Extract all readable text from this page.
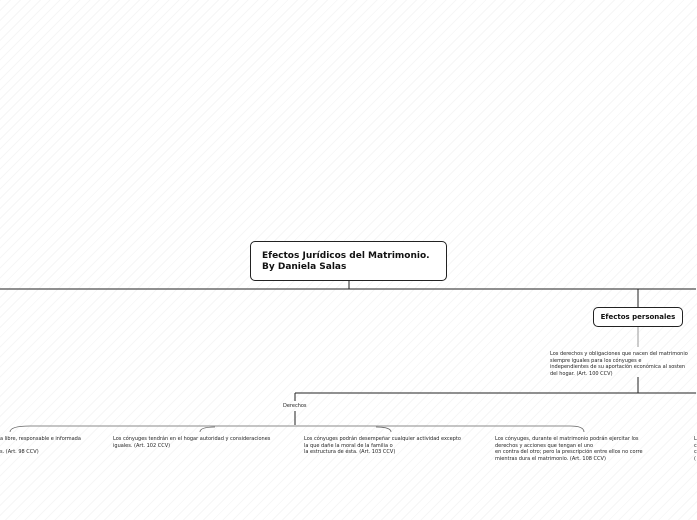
Efectos Jurídicos del Matrimonio.
By Daniela Salas
Efectos personales
Los derechos y obligaciones que nacen del matrimonio
siempre iguales para los cónyuges e
independientes de su aportación económica al sosten
del hogar. (Art. 100 CCV)
Derechos
a libre, responsable e informada

s. (Art. 98 CCV)
Los cónyuges tendrán en el hogar autoridad y consideraciones
iguales. (Art. 102 CCV)
Los cónyuges podrán desempeñar cualquier actividad excepto
la que dañe la moral de la familia o
la estructura de ésta. (Art. 103 CCV)
Los cónyuges, durante el matrimonio podrán ejercitar los
derechos y acciones que tengan el uno
en contra del otro; pero la prescripción entre ellos no corre
mientras dura el matrimonio. (Art. 108 CCV)
L
c
c
(
